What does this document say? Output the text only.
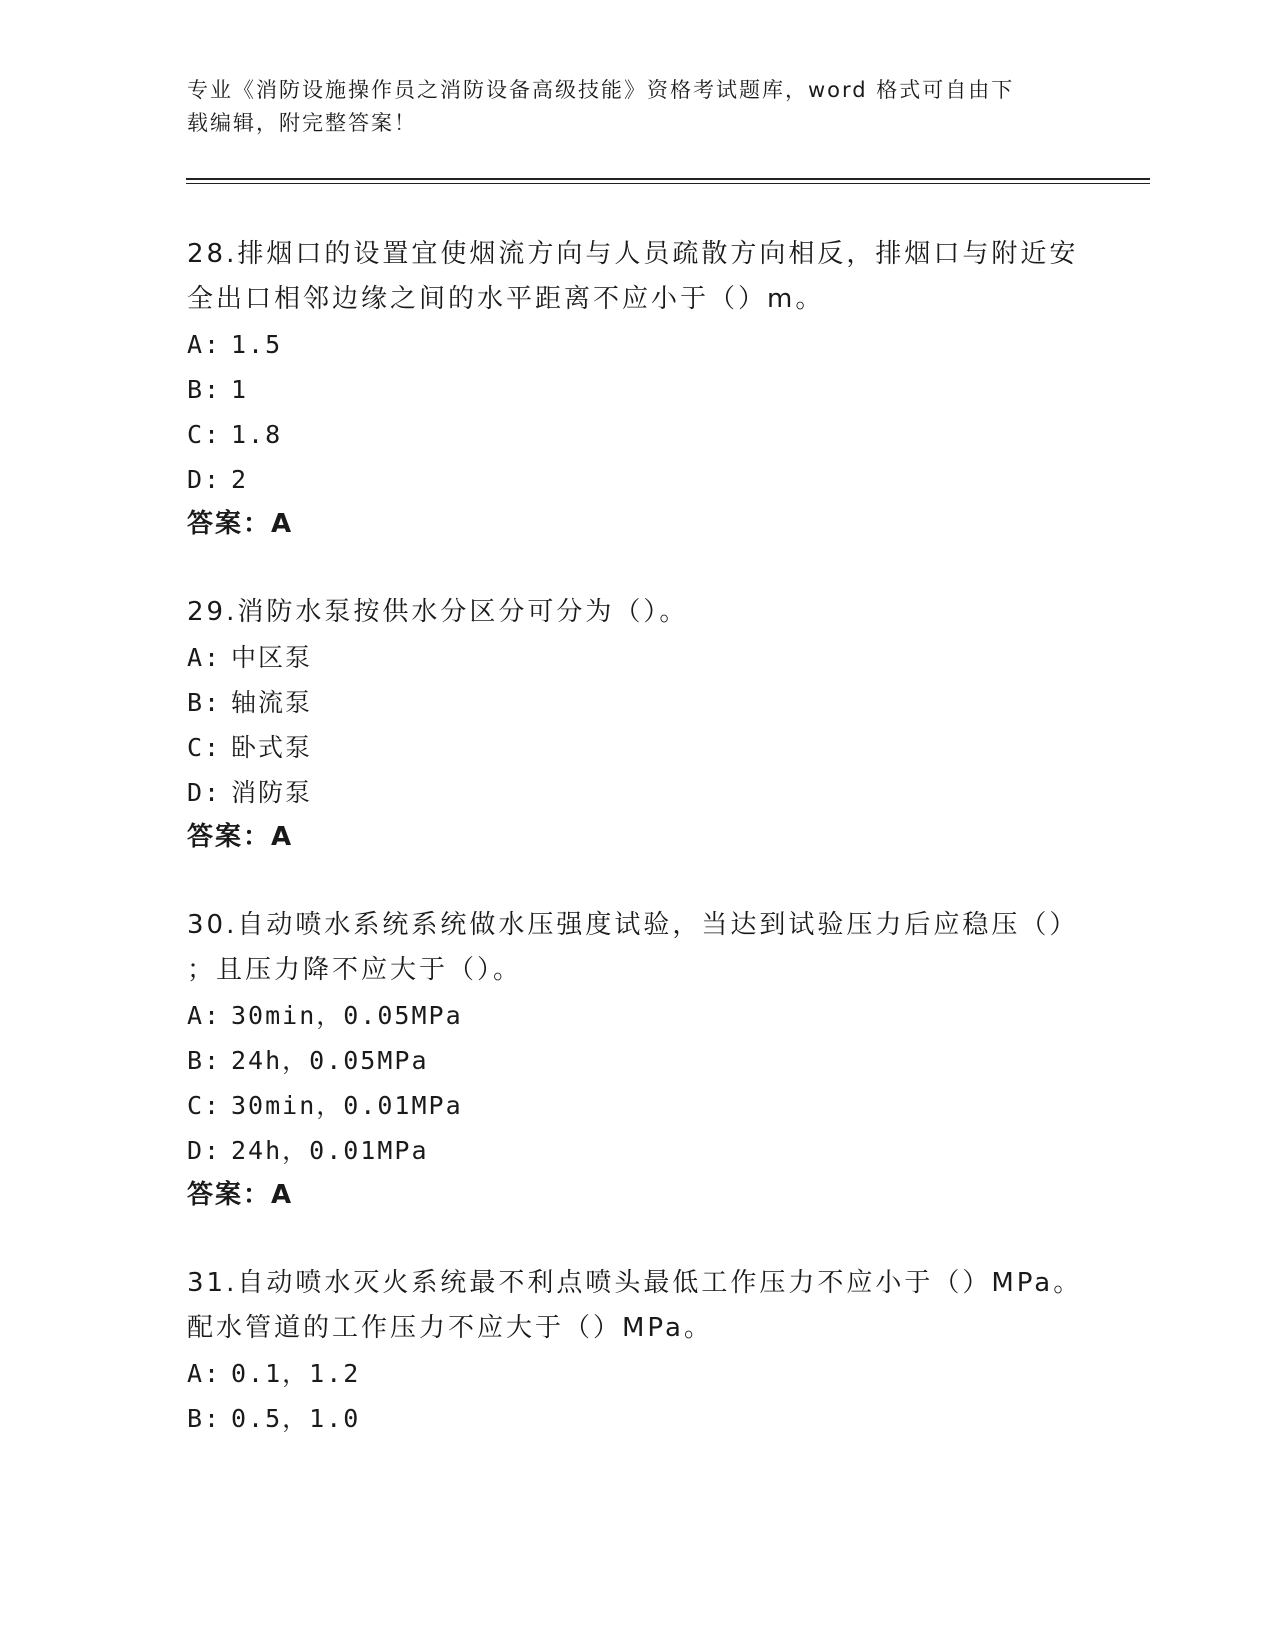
专业《消防设施操作员之消防设备高级技能》资格考试题库，word 格式可自由下
载编辑，附完整答案！
28.排烟口的设置宜使烟流方向与人员疏散方向相反，排烟口与附近安
全出口相邻边缘之间的水平距离不应小于（）m。
A: 1.5
B: 1
C: 1.8
D: 2
答案：A
29.消防水泵按供水分区分可分为（）。
A: 中区泵
B: 轴流泵
C: 卧式泵
D: 消防泵
答案：A
30.自动喷水系统系统做水压强度试验，当达到试验压力后应稳压（）
；且压力降不应大于（）。
A: 30min，0.05MPa
B: 24h，0.05MPa
C: 30min，0.01MPa
D: 24h，0.01MPa
答案：A
31.自动喷水灭火系统最不利点喷头最低工作压力不应小于（）MPa。
配水管道的工作压力不应大于（）MPa。
A: 0.1，1.2
B: 0.5，1.0
